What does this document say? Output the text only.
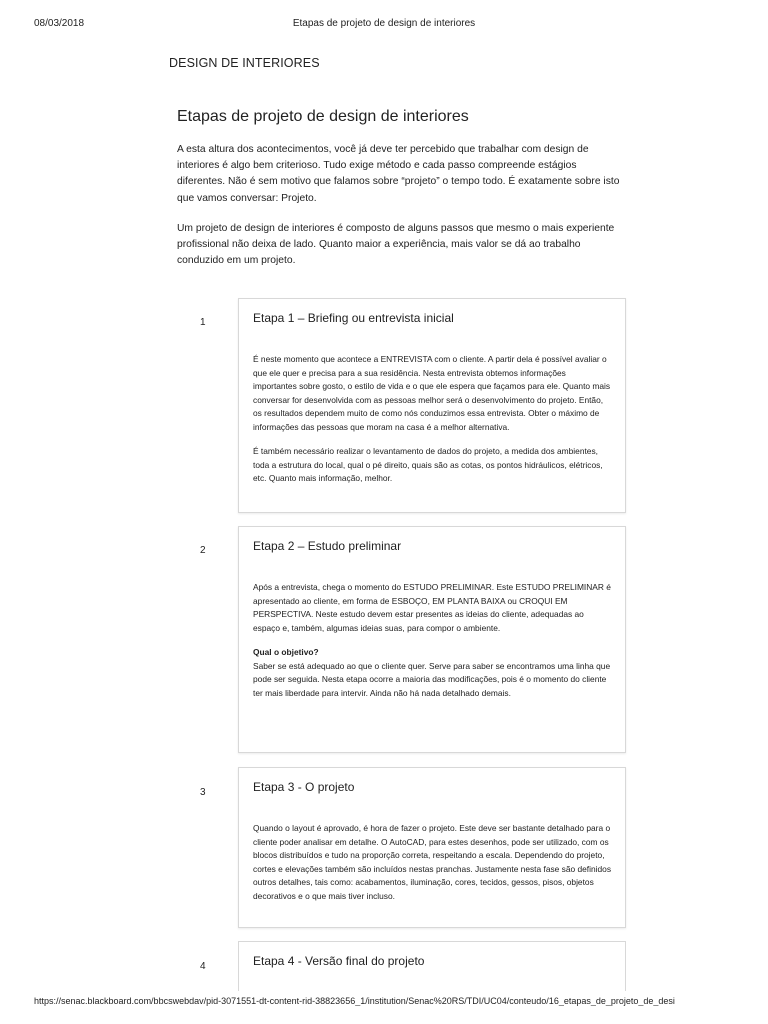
08/03/2018	Etapas de projeto de design de interiores
DESIGN DE INTERIORES
Etapas de projeto de design de interiores

A esta altura dos acontecimentos, você já deve ter percebido que trabalhar com design de interiores é algo bem criterioso. Tudo exige método e cada passo compreende estágios diferentes. Não é sem motivo que falamos sobre “projeto” o tempo todo. É exatamente sobre isto que vamos conversar: Projeto.

Um projeto de design de interiores é composto de alguns passos que mesmo o mais experiente profissional não deixa de lado. Quanto maior a experiência, mais valor se dá ao trabalho conduzido em um projeto.

1	Etapa 1 – Briefing ou entrevista inicial

É neste momento que acontece a ENTREVISTA com o cliente. A partir dela é possível avaliar o que ele quer e precisa para a sua residência. Nesta entrevista obtemos informações importantes sobre gosto, o estilo de vida e o que ele espera que façamos para ele. Quanto mais conversar for desenvolvida com as pessoas melhor será o desenvolvimento do projeto. Então, os resultados dependem muito de como nós conduzimos essa entrevista. Obter o máximo de informações das pessoas que moram na casa é a melhor alternativa.

É também necessário realizar o levantamento de dados do projeto, a medida dos ambientes, toda a estrutura do local, qual o pé direito, quais são as cotas, os pontos hidráulicos, elétricos, etc. Quanto mais informação, melhor.

2	Etapa 2 – Estudo preliminar

Após a entrevista, chega o momento do ESTUDO PRELIMINAR. Este ESTUDO PRELIMINAR é apresentado ao cliente, em forma de ESBOÇO, EM PLANTA BAIXA ou CROQUI EM PERSPECTIVA. Neste estudo devem estar presentes as ideias do cliente, adequadas ao espaço e, também, algumas ideias suas, para compor o ambiente.

Qual o objetivo?
Saber se está adequado ao que o cliente quer. Serve para saber se encontramos uma linha que pode ser seguida. Nesta etapa ocorre a maioria das modificações, pois é o momento do cliente ter mais liberdade para intervir. Ainda não há nada detalhado demais.

3	Etapa 3 - O projeto

Quando o layout é aprovado, é hora de fazer o projeto. Este deve ser bastante detalhado para o cliente poder analisar em detalhe. O AutoCAD, para estes desenhos, pode ser utilizado, com os blocos distribuídos e tudo na proporção correta, respeitando a escala. Dependendo do projeto, cortes e elevações também são incluídos nestas pranchas. Justamente nesta fase são definidos outros detalhes, tais como: acabamentos, iluminação, cores, tecidos, gessos, pisos, objetos decorativos e o que mais tiver incluso.

4	Etapa 4 - Versão final do projeto
https://senac.blackboard.com/bbcswebdav/pid-3071551-dt-content-rid-38823656_1/institution/Senac%20RS/TDI/UC04/conteudo/16_etapas_de_projeto_de_desi
